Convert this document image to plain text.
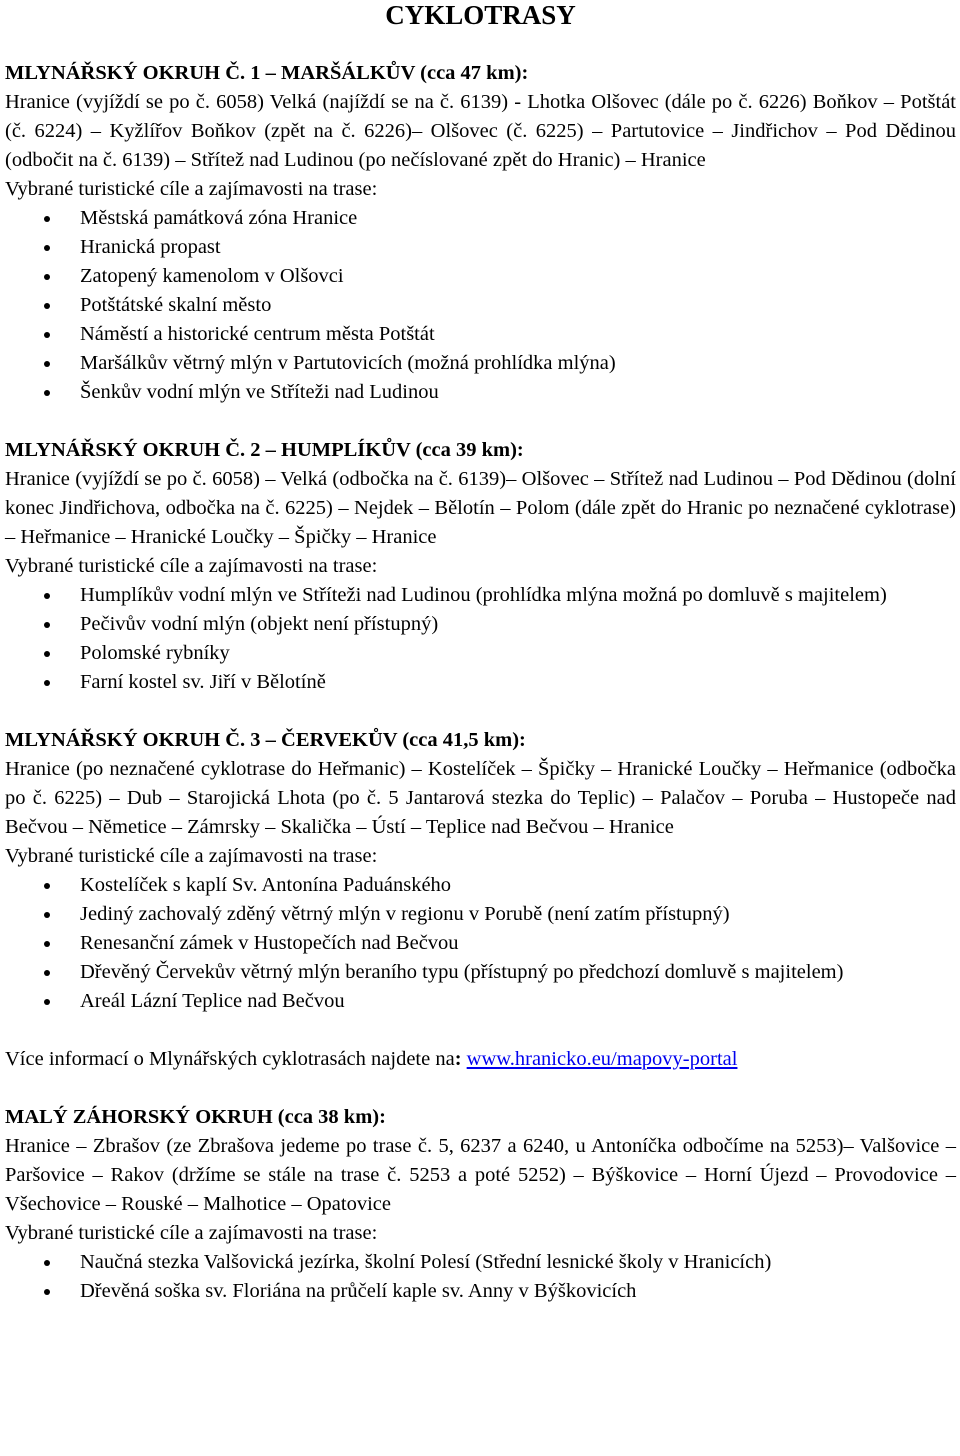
CYKLOTRASY

MLYNÁŘSKÝ OKRUH Č. 1 – MARŠÁLKŮV (cca 47 km):

Hranice (vyjíždí se po č. 6058) Velká (najíždí se na č. 6139) - Lhotka Olšovec (dále po č. 6226) Boňkov – Potštát (č. 6224) – Kyžlířov Boňkov (zpět na č. 6226)– Olšovec (č. 6225) – Partutovice – Jindřichov – Pod Dědinou (odbočit na č. 6139) – Střítež nad Ludinou (po nečíslované zpět do Hranic) – Hranice

Vybrané turistické cíle a zajímavosti na trase:

Městská památková zóna Hranice
Hranická propast
Zatopený kamenolom v Olšovci
Potštátské skalní město
Náměstí a historické centrum města Potštát
Maršálkův větrný mlýn v Partutovicích (možná prohlídka mlýna)
Šenkův vodní mlýn ve Stříteži nad Ludinou

MLYNÁŘSKÝ OKRUH Č. 2 – HUMPLÍKŮV (cca 39 km):

Hranice (vyjíždí se po č. 6058) – Velká (odbočka na č. 6139)– Olšovec – Střítež nad Ludinou – Pod Dědinou (dolní konec Jindřichova, odbočka na č. 6225) – Nejdek – Bělotín – Polom (dále zpět do Hranic po neznačené cyklotrase) – Heřmanice – Hranické Loučky – Špičky – Hranice

Vybrané turistické cíle a zajímavosti na trase:

Humplíkův vodní mlýn ve Stříteži nad Ludinou (prohlídka mlýna možná po domluvě s majitelem)
Pečivův vodní mlýn (objekt není přístupný)
Polomské rybníky
Farní kostel sv. Jiří v Bělotíně

MLYNÁŘSKÝ OKRUH Č. 3 – ČERVEKŮV (cca 41,5 km):

Hranice (po neznačené cyklotrase do Heřmanic) – Kostelíček – Špičky – Hranické Loučky – Heřmanice (odbočka po č. 6225) – Dub – Starojická Lhota (po č. 5 Jantarová stezka do Teplic) – Palačov – Poruba – Hustopeče nad Bečvou – Nĕmetice – Zámrsky – Skalička – Ústí – Teplice nad Bečvou – Hranice

Vybrané turistické cíle a zajímavosti na trase:

Kostelíček s kaplí Sv. Antonína Paduánského
Jediný zachovalý zděný větrný mlýn v regionu v Porubě (není zatím přístupný)
Renesanční zámek v Hustopečích nad Bečvou
Dřevěný Červekův větrný mlýn beraního typu (přístupný po předchozí domluvě s majitelem)
Areál Lázní Teplice nad Bečvou

Více informací o Mlynářských cyklotrasách najdete na: www.hranicko.eu/mapovy-portal

MALÝ ZÁHORSKÝ OKRUH (cca 38 km):

Hranice – Zbrašov (ze Zbrašova jedeme po trase č. 5, 6237 a 6240, u Antoníčka odbočíme na 5253)– Valšovice – Paršovice – Rakov (držíme se stále na trase č. 5253 a poté 5252) – Býškovice – Horní Újezd – Provodovice – Všechovice – Rouské – Malhotice – Opatovice

Vybrané turistické cíle a zajímavosti na trase:

Naučná stezka Valšovická jezírka, školní Polesí (Střední lesnické školy v Hranicích)
Dřevěná soška sv. Floriána na průčelí kaple sv. Anny v Býškovicích
